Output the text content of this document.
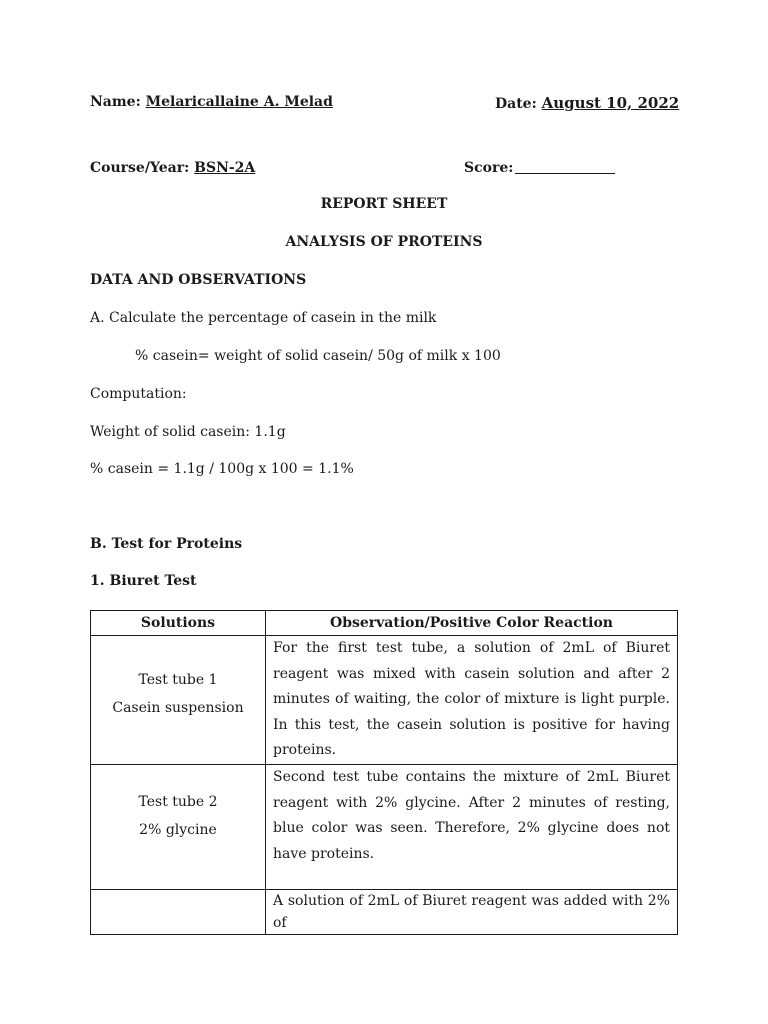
Name: Melaricallaine A. Melad	Date: August 10, 2022
Course/Year: BSN-2A	Score:
REPORT SHEET
ANALYSIS OF PROTEINS
DATA AND OBSERVATIONS
A. Calculate the percentage of casein in the milk
% casein= weight of solid casein/ 50g of milk x 100
Computation:
Weight of solid casein: 1.1g
% casein = 1.1g / 100g x 100 = 1.1%
B. Test for Proteins
1. Biuret Test
Solutions	Observation/Positive Color Reaction

Test tube 1
Casein suspension	For the first test tube, a solution of 2mL of Biuret reagent was mixed with casein solution and after 2 minutes of waiting, the color of mixture is light purple. In this test, the casein solution is positive for having proteins.

Test tube 2
2% glycine	Second test tube contains the mixture of 2mL Biuret reagent with 2% glycine. After 2 minutes of resting, blue color was seen. Therefore, 2% glycine does not have proteins.

	A solution of 2mL of Biuret reagent was added with 2% of
